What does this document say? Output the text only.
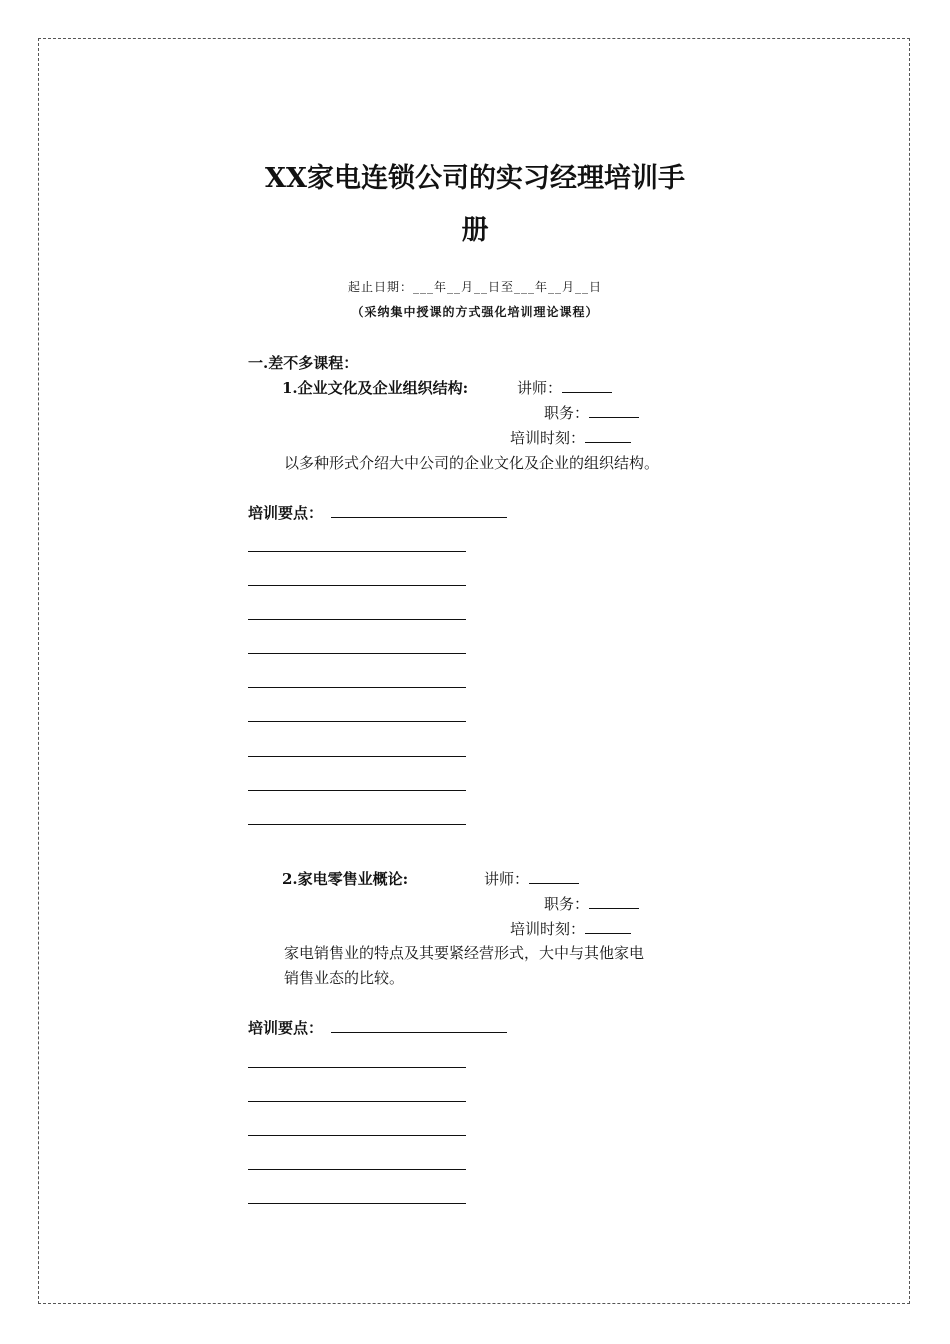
XX家电连锁公司的实习经理培训手
册
起止日期：___年__月__日至___年__月__日
（采纳集中授课的方式强化培训理论课程）
一.差不多课程：
1.企业文化及企业组织结构:	讲师：
职务：
培训时刻：
以多种形式介绍大中公司的企业文化及企业的组织结构。
培训要点：
2.家电零售业概论:	讲师：
职务：
培训时刻：
家电销售业的特点及其要紧经营形式，大中与其他家电
销售业态的比较。
培训要点：
